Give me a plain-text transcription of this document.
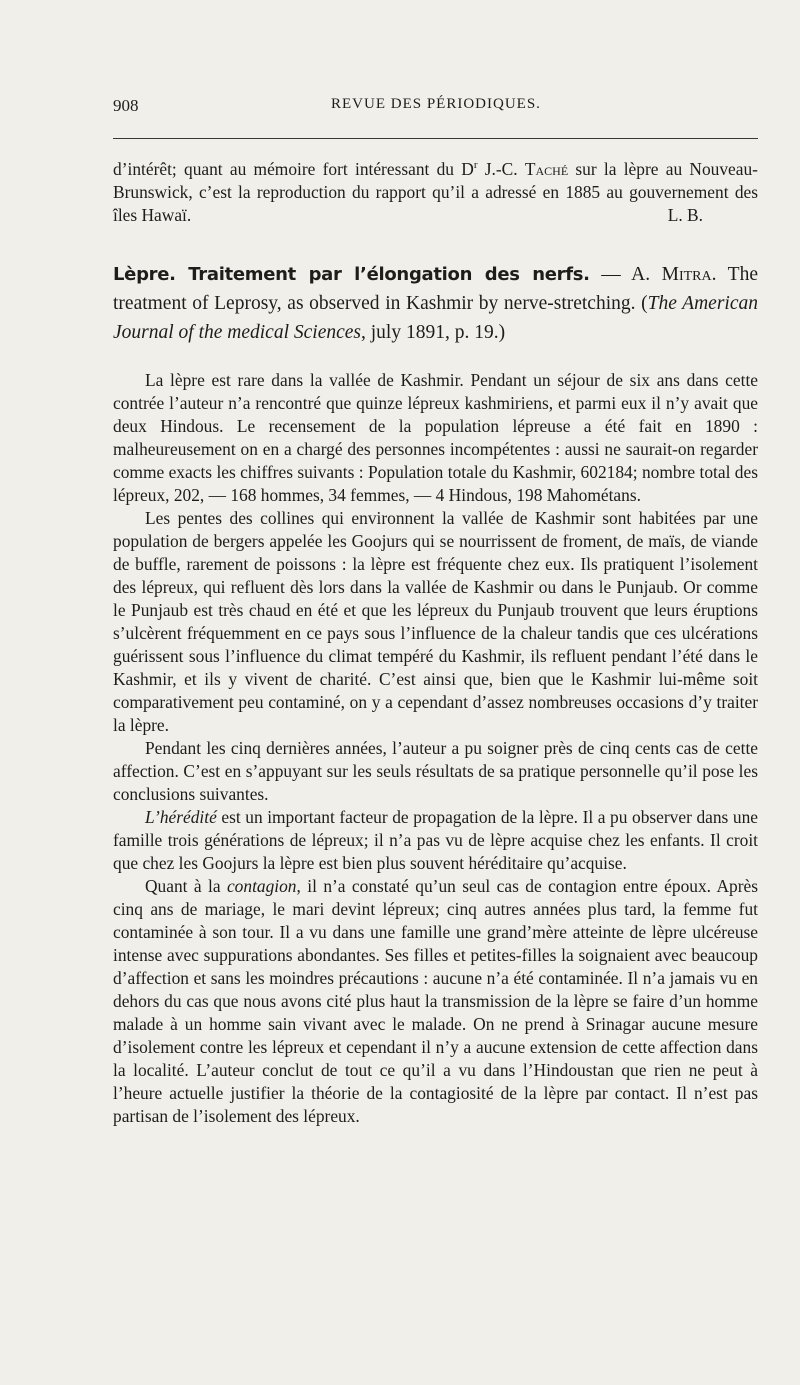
908	REVUE DES PÉRIODIQUES.

d’intérêt; quant au mémoire fort intéressant du $D^r$ J.-C. Taché sur la lèpre au Nouveau-Brunswick, c’est la reproduction du rapport qu’il a adressé en 1885 au gouvernement des îles Hawaï.	L. B.

Lèpre. Traitement par l’élongation des nerfs. — A. Mitra. The treatment of Leprosy, as observed in Kashmir by nerve-stretching. (The American Journal of the medical Sciences, july 1891, p. 19.)

La lèpre est rare dans la vallée de Kashmir. Pendant un séjour de six ans dans cette contrée l’auteur n’a rencontré que quinze lépreux kashmiriens, et parmi eux il n’y avait que deux Hindous. Le recensement de la population lépreuse a été fait en 1890 : malheureusement on en a chargé des personnes incompétentes : aussi ne saurait-on regarder comme exacts les chiffres suivants : Population totale du Kashmir, 602184; nombre total des lépreux, 202, — 168 hommes, 34 femmes, — 4 Hindous, 198 Mahométans.

Les pentes des collines qui environnent la vallée de Kashmir sont habitées par une population de bergers appelée les Goojurs qui se nourrissent de froment, de maïs, de viande de buffle, rarement de poissons : la lèpre est fréquente chez eux. Ils pratiquent l’isolement des lépreux, qui refluent dès lors dans la vallée de Kashmir ou dans le Punjaub. Or comme le Punjaub est très chaud en été et que les lépreux du Punjaub trouvent que leurs éruptions s’ulcèrent fréquemment en ce pays sous l’influence de la chaleur tandis que ces ulcérations guérissent sous l’influence du climat tempéré du Kashmir, ils refluent pendant l’été dans le Kashmir, et ils y vivent de charité. C’est ainsi que, bien que le Kashmir lui-même soit comparativement peu contaminé, on y a cependant d’assez nombreuses occasions d’y traiter la lèpre.

Pendant les cinq dernières années, l’auteur a pu soigner près de cinq cents cas de cette affection. C’est en s’appuyant sur les seuls résultats de sa pratique personnelle qu’il pose les conclusions suivantes.

L’hérédité est un important facteur de propagation de la lèpre. Il a pu observer dans une famille trois générations de lépreux; il n’a pas vu de lèpre acquise chez les enfants. Il croit que chez les Goojurs la lèpre est bien plus souvent héréditaire qu’acquise.

Quant à la contagion, il n’a constaté qu’un seul cas de contagion entre époux. Après cinq ans de mariage, le mari devint lépreux; cinq autres années plus tard, la femme fut contaminée à son tour. Il a vu dans une famille une grand’mère atteinte de lèpre ulcéreuse intense avec suppurations abondantes. Ses filles et petites-filles la soignaient avec beaucoup d’affection et sans les moindres précautions : aucune n’a été contaminée. Il n’a jamais vu en dehors du cas que nous avons cité plus haut la transmission de la lèpre se faire d’un homme malade à un homme sain vivant avec le malade. On ne prend à Srinagar aucune mesure d’isolement contre les lépreux et cependant il n’y a aucune extension de cette affection dans la localité. L’auteur conclut de tout ce qu’il a vu dans l’Hindoustan que rien ne peut à l’heure actuelle justifier la théorie de la contagiosité de la lèpre par contact. Il n’est pas partisan de l’isolement des lépreux.
